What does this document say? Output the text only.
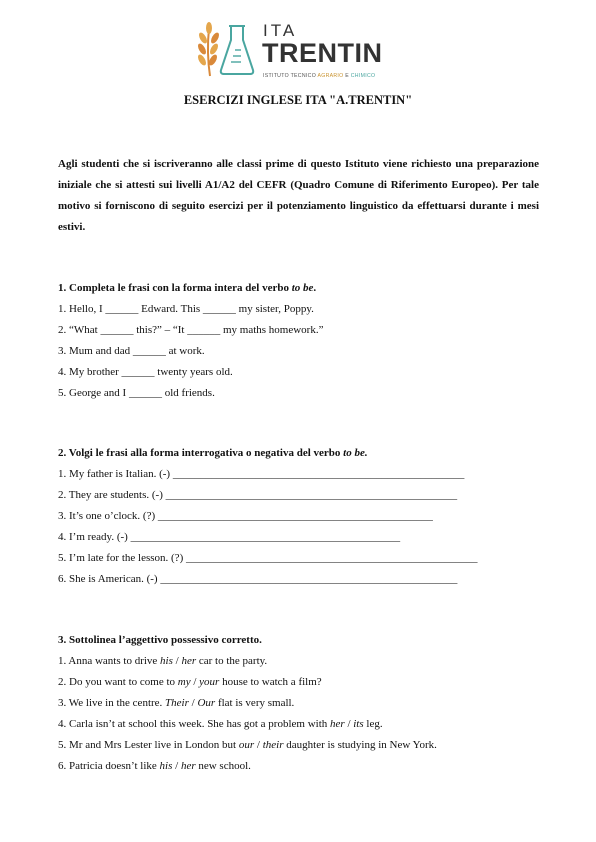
ITA
TRENTIN
ISTITUTO TECNICO AGRARIO E CHIMICO
ESERCIZI INGLESE ITA "A.TRENTIN"
Agli studenti che si iscriveranno alle classi prime di questo Istituto viene richiesto una preparazione iniziale che si attesti sui livelli A1/A2 del CEFR (Quadro Comune di Riferimento Europeo). Per tale motivo si forniscono di seguito esercizi per il potenziamento linguistico da effettuarsi durante i mesi estivi.
1. Completa le frasi con la forma intera del verbo to be.
1. Hello, I ______ Edward. This ______ my sister, Poppy.
2. “What ______ this?” – “It ______ my maths homework.”
3. Mum and dad ______ at work.
4. My brother ______ twenty years old.
5. George and I ______ old friends.
2. Volgi le frasi alla forma interrogativa o negativa del verbo to be.
1. My father is Italian. (-) _____________________________________________________
2. They are students. (-) _____________________________________________________
3. It’s one o’clock. (?) __________________________________________________
4. I’m ready. (-) _________________________________________________
5. I’m late for the lesson. (?) _____________________________________________________
6. She is American. (-) ______________________________________________________
3. Sottolinea l’aggettivo possessivo corretto.
1. Anna wants to drive his / her car to the party.
2. Do you want to come to my / your house to watch a film?
3. We live in the centre. Their / Our flat is very small.
4. Carla isn’t at school this week. She has got a problem with her / its leg.
5. Mr and Mrs Lester live in London but our / their daughter is studying in New York.
6. Patricia doesn’t like his / her new school.
